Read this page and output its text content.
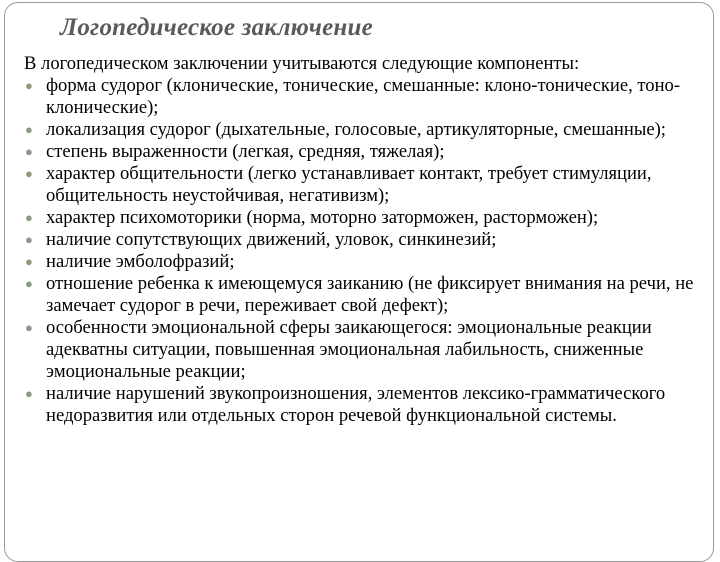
Логопедическое заключение
В логопедическом заключении учитываются следующие компоненты:
● форма судорог (клонические, тонические, смешанные: клоно-тонические, тоно-клонические);
● локализация судорог (дыхательные, голосовые, артикуляторные, смешанные);
● степень выраженности (легкая, средняя, тяжелая);
● характер общительности (легко устанавливает контакт, требует стимуляции, общительность неустойчивая, негативизм);
● характер психомоторики (норма, моторно заторможен, расторможен);
● наличие сопутствующих движений, уловок, синкинезий;
● наличие эмболофразий;
● отношение ребенка к имеющемуся заиканию (не фиксирует внимания на речи, не замечает судорог в речи, переживает свой дефект);
● особенности эмоциональной сферы заикающегося: эмоциональные реакции адекватны ситуации, повышенная эмоциональная лабильность, сниженные эмоциональные реакции;
● наличие нарушений звукопроизношения, элементов лексико-грамматического недоразвития или отдельных сторон речевой функциональной системы.
